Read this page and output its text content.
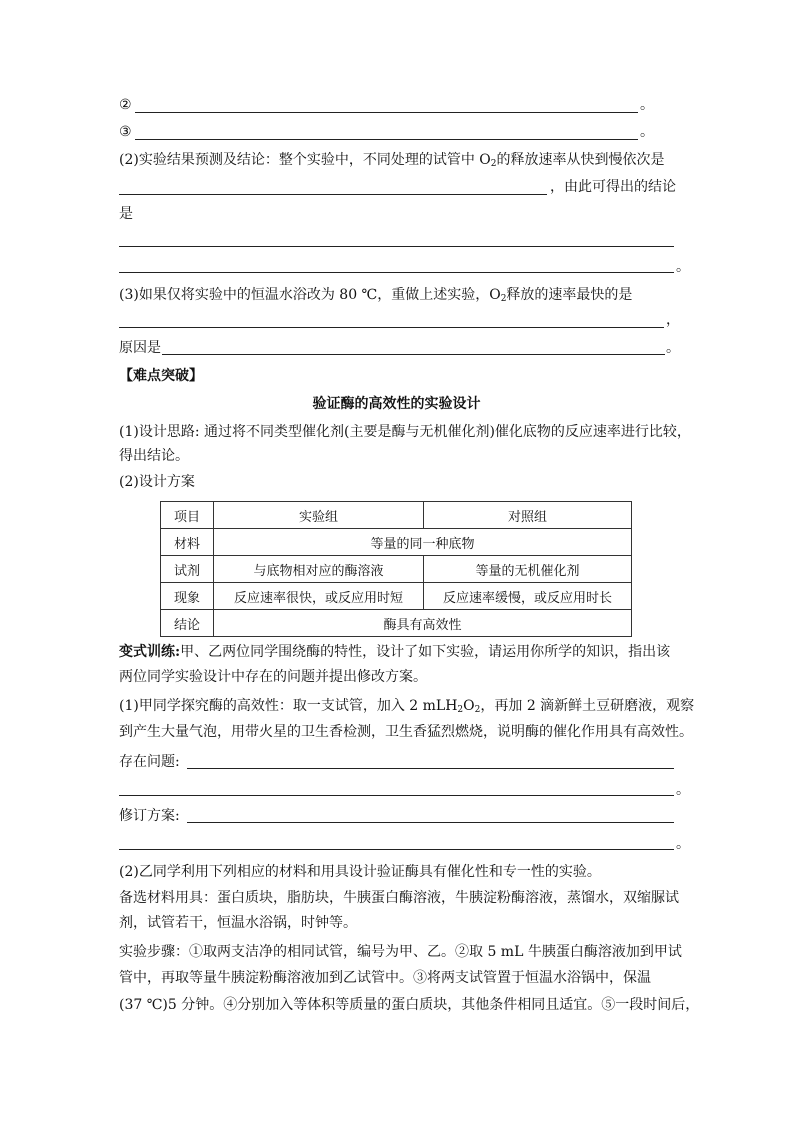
②	。
③	。
(2)实验结果预测及结论：整个实验中，不同处理的试管中 $O_2$的释放速率从快到慢依次是
，由此可得出的结论
是
。
(3)如果仅将实验中的恒温水浴改为 80 ℃，重做上述实验，$O_2$释放的速率最快的是
，
原因是	。
【难点突破】
验证酶的高效性的实验设计
(1)设计思路: 通过将不同类型催化剂(主要是酶与无机催化剂)催化底物的反应速率进行比较，
得出结论。
(2)设计方案
项目	实验组	对照组
材料	等量的同一种底物	
试剂	与底物相对应的酶溶液	等量的无机催化剂
现象	反应速率很快，或反应用时短	反应速率缓慢，或反应用时长
结论	酶具有高效性	
变式训练:甲、乙两位同学围绕酶的特性，设计了如下实验，请运用你所学的知识，指出该
两位同学实验设计中存在的问题并提出修改方案。
(1)甲同学探究酶的高效性：取一支试管，加入 2 $mLH_2O_2$，再加 2 滴新鲜土豆研磨液，观察
到产生大量气泡，用带火星的卫生香检测，卫生香猛烈燃烧，说明酶的催化作用具有高效性。
存在问题:
。
修订方案:
。
(2)乙同学利用下列相应的材料和用具设计验证酶具有催化性和专一性的实验。
备选材料用具：蛋白质块，脂肪块，牛胰蛋白酶溶液，牛胰淀粉酶溶液，蒸馏水，双缩脲试
剂，试管若干，恒温水浴锅，时钟等。
实验步骤：①取两支洁净的相同试管，编号为甲、乙。②取 5 mL 牛胰蛋白酶溶液加到甲试
管中，再取等量牛胰淀粉酶溶液加到乙试管中。③将两支试管置于恒温水浴锅中，保温
(37 ℃)5 分钟。④分别加入等体积等质量的蛋白质块，其他条件相同且适宜。⑤一段时间后，
